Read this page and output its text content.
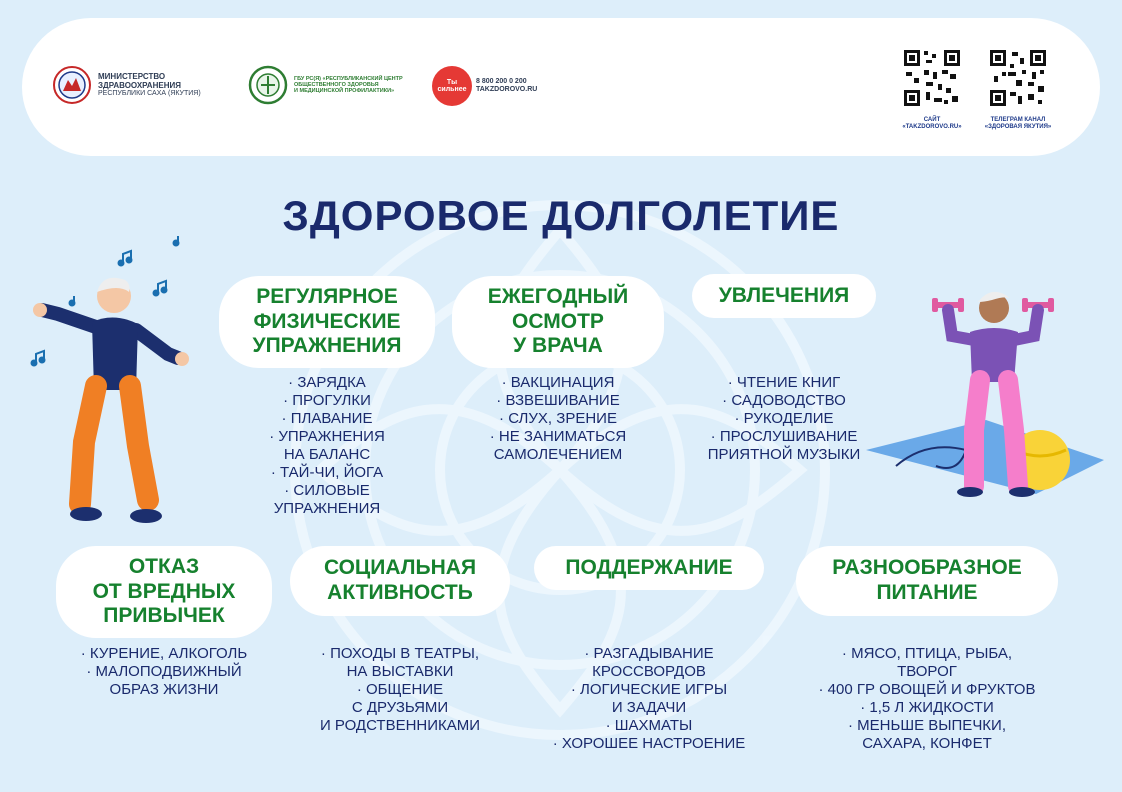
МИНИСТЕРСТВО
ЗДРАВООХРАНЕНИЯ
РЕСПУБЛИКИ САХА (ЯКУТИЯ)
ГБУ РС(Я) «РЕСПУБЛИКАНСКИЙ ЦЕНТР
ОБЩЕСТВЕННОГО ЗДОРОВЬЯ
И МЕДИЦИНСКОЙ ПРОФИЛАКТИКИ»
Ты сильнее
8 800 200 0 200
TAKZDOROVO.RU
САЙТ
«TAKZDOROVO.RU»
ТЕЛЕГРАМ КАНАЛ
«ЗДОРОВАЯ ЯКУТИЯ»
ЗДОРОВОЕ ДОЛГОЛЕТИЕ
РЕГУЛЯРНОЕ
ФИЗИЧЕСКИЕ
УПРАЖНЕНИЯ
· ЗАРЯДКА
· ПРОГУЛКИ
· ПЛАВАНИЕ
· УПРАЖНЕНИЯ
НА БАЛАНС
· ТАЙ-ЧИ, ЙОГА
· СИЛОВЫЕ
УПРАЖНЕНИЯ
ЕЖЕГОДНЫЙ
ОСМОТР
У ВРАЧА
· ВАКЦИНАЦИЯ
· ВЗВЕШИВАНИЕ
· СЛУХ, ЗРЕНИЕ
· НЕ ЗАНИМАТЬСЯ
САМОЛЕЧЕНИЕМ
УВЛЕЧЕНИЯ
· ЧТЕНИЕ КНИГ
· САДОВОДСТВО
· РУКОДЕЛИЕ
· ПРОСЛУШИВАНИЕ
ПРИЯТНОЙ МУЗЫКИ
ОТКАЗ
ОТ ВРЕДНЫХ
ПРИВЫЧЕК
· КУРЕНИЕ, АЛКОГОЛЬ
· МАЛОПОДВИЖНЫЙ
ОБРАЗ ЖИЗНИ
СОЦИАЛЬНАЯ
АКТИВНОСТЬ
· ПОХОДЫ В ТЕАТРЫ,
НА ВЫСТАВКИ
· ОБЩЕНИЕ
С ДРУЗЬЯМИ
И РОДСТВЕННИКАМИ
ПОДДЕРЖАНИЕ
· РАЗГАДЫВАНИЕ
КРОССВОРДОВ
· ЛОГИЧЕСКИЕ ИГРЫ
И ЗАДАЧИ
· ШАХМАТЫ
· ХОРОШЕЕ НАСТРОЕНИЕ
РАЗНООБРАЗНОЕ
ПИТАНИЕ
· МЯСО, ПТИЦА, РЫБА,
ТВОРОГ
· 400 ГР ОВОЩЕЙ И ФРУКТОВ
· 1,5 Л ЖИДКОСТИ
· МЕНЬШЕ ВЫПЕЧКИ,
САХАРА, КОНФЕТ
